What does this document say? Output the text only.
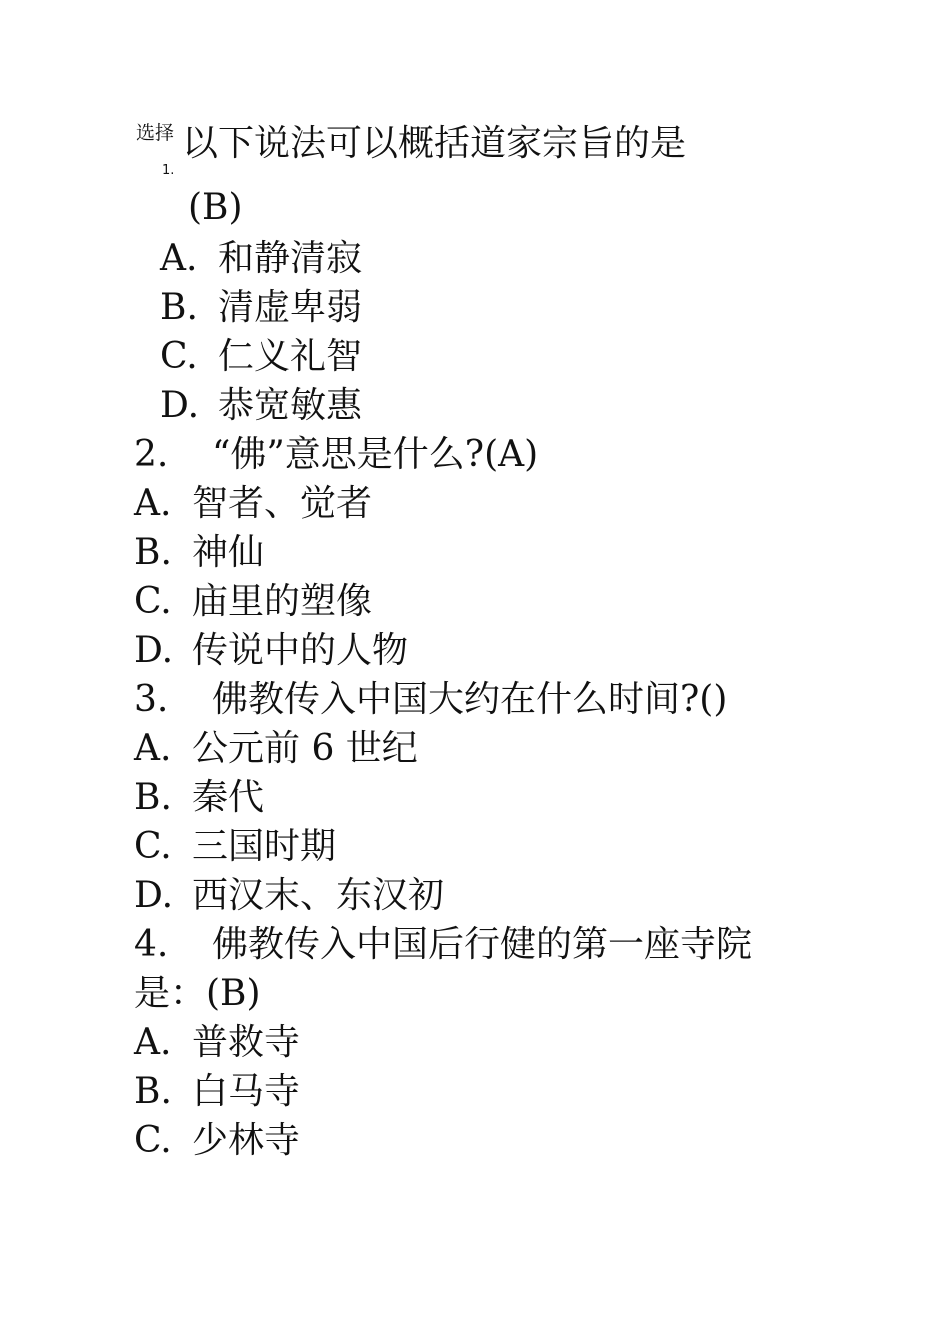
选择
1.
以下说法可以概括道家宗旨的是
(B)
A. 和静清寂
B. 清虚卑弱
C. 仁义礼智
D. 恭宽敏惠
2. “佛”意思是什么?(A)
A. 智者、觉者
B. 神仙
C. 庙里的塑像
D. 传说中的人物
3. 佛教传入中国大约在什么时间?()
A. 公元前 6 世纪
B. 秦代
C. 三国时期
D. 西汉末、东汉初
4. 佛教传入中国后行健的第一座寺院
是：(B)
A. 普救寺
B. 白马寺
C. 少林寺
